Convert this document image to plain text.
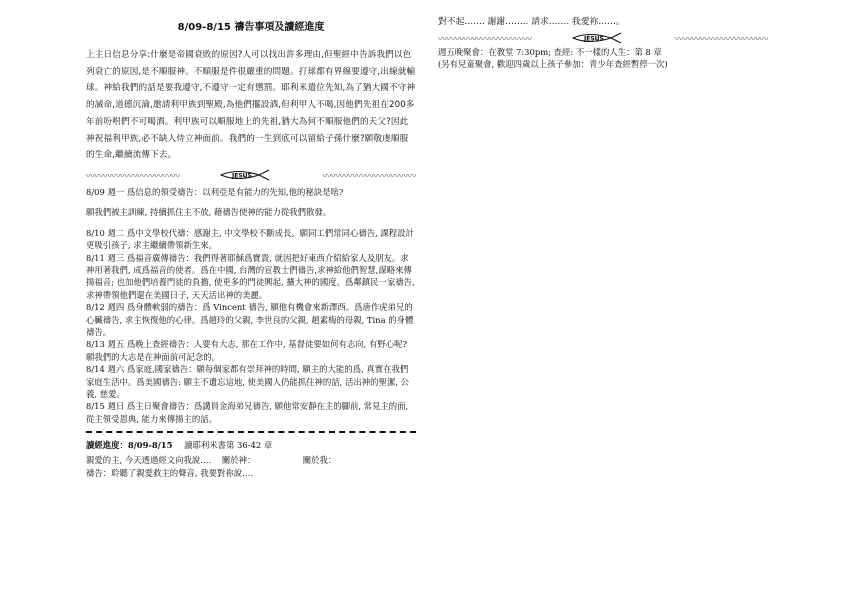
8/09-8/15 禱告事項及讀經進度

上主日信息分享:什麼是帝國衰敗的原因?人可以找出許多理由,但聖經中告訴我們以色列衰亡的原因,是不順服神。不順服是件很嚴重的問題。打球都有界線要遵守,出線就輸球。神給我們的話是要我遵守,不遵守一定有懲罰。耶利米遣位先知,為了猶大國不守神的誡命,道德沉淪,邀請利甲族到聖殿,為他們擺設酒,但利甲人不喝,因他們先祖在200多年前吩咐們不可喝酒。利甲族可以順服地上的先祖,猶大為何不順服他們的天父?因此神祝福利甲族,必不缺人侍立神面前。我們的一生到底可以留給子孫什麼?願敬虔順服的生命,繼續流傳下去。

〰〰〰〰〰〰〰〰〰〰〰	JESUS	〰〰〰〰〰〰〰〰〰〰〰

8/09 週一 爲信息的領受禱告：以利亞是有能力的先知,他的秘訣是啥?

願我們被主訓練, 持續抓住主不放, 藉禱告使神的能力從我們散發。

8/10 週二 爲中文學校代禱：感謝主, 中文學校不斷成長。願同工們常同心禱告, 課程設計更吸引孩子, 求主繼續帶領新生來。

8/11 週三 爲福音廣傳禱告：我們得著耶穌爲寶貴, 就因把好東西介紹給家人及朋友。求神用著我們, 成爲福音的使者。爲在中國, 台灣的宣教士們禱告,求神給他們智慧,謀略來傳揚福音; 也加他們培養門徒的負擔, 使更多的門徒興起, 擴大神的國度。爲鄰鎮民一家禱告, 求神帶領他們還在美國日子, 天天活出神的美麗。

8/12 週四 爲身體軟弱的禱告：爲 Vincent 禱告, 願他有機會來新澤西。爲唐作虎弟兄的心臟禱告, 求主恢復他的心律。爲趙玲的父親, 李世良的父親, 趙素梅的母親, Tina 的身體禱告。

8/13 週五 爲晚上查經禱告：人要有大志, 那在工作中, 基督徒要如何有志向, 有野心呢? 願我們的大志是在神面前可記念的。

8/14 週六 爲家庭,國家禱告：願每個家都有崇拜神的時間, 願主的大能的爲, 真實在我們家庭生活中。爲美國禱告: 願主不遺忘這地, 使美國人仍能抓住神的話, 活出神的聖潔, 公義, 慈愛。

8/15 週日 爲主日聚會禱告：爲講員金海弟兄禱告, 願他常安靜在主的腳前, 常見主的面, 從主領受恩典, 能力來傳揚主的話。

讀經進度：8/09-8/15 讀耶利米書第 36-42 章

親愛的主, 今天透過經文向我說…. 關於神：	關於我：

禱告：聆聽了親愛救主的聲音, 我要對祢說….

對不起……. 謝謝…….. 請求……. 我愛祢……。

〰〰〰〰〰〰〰〰〰〰〰	JESUS	〰〰〰〰〰〰〰〰〰〰〰

週五晚聚會：在教堂 7:30pm; 查經: 不一樣的人生：第 8 章

(另有兒童聚會, 歡迎四歲以上孩子參加：青少年查經暫停一次)
